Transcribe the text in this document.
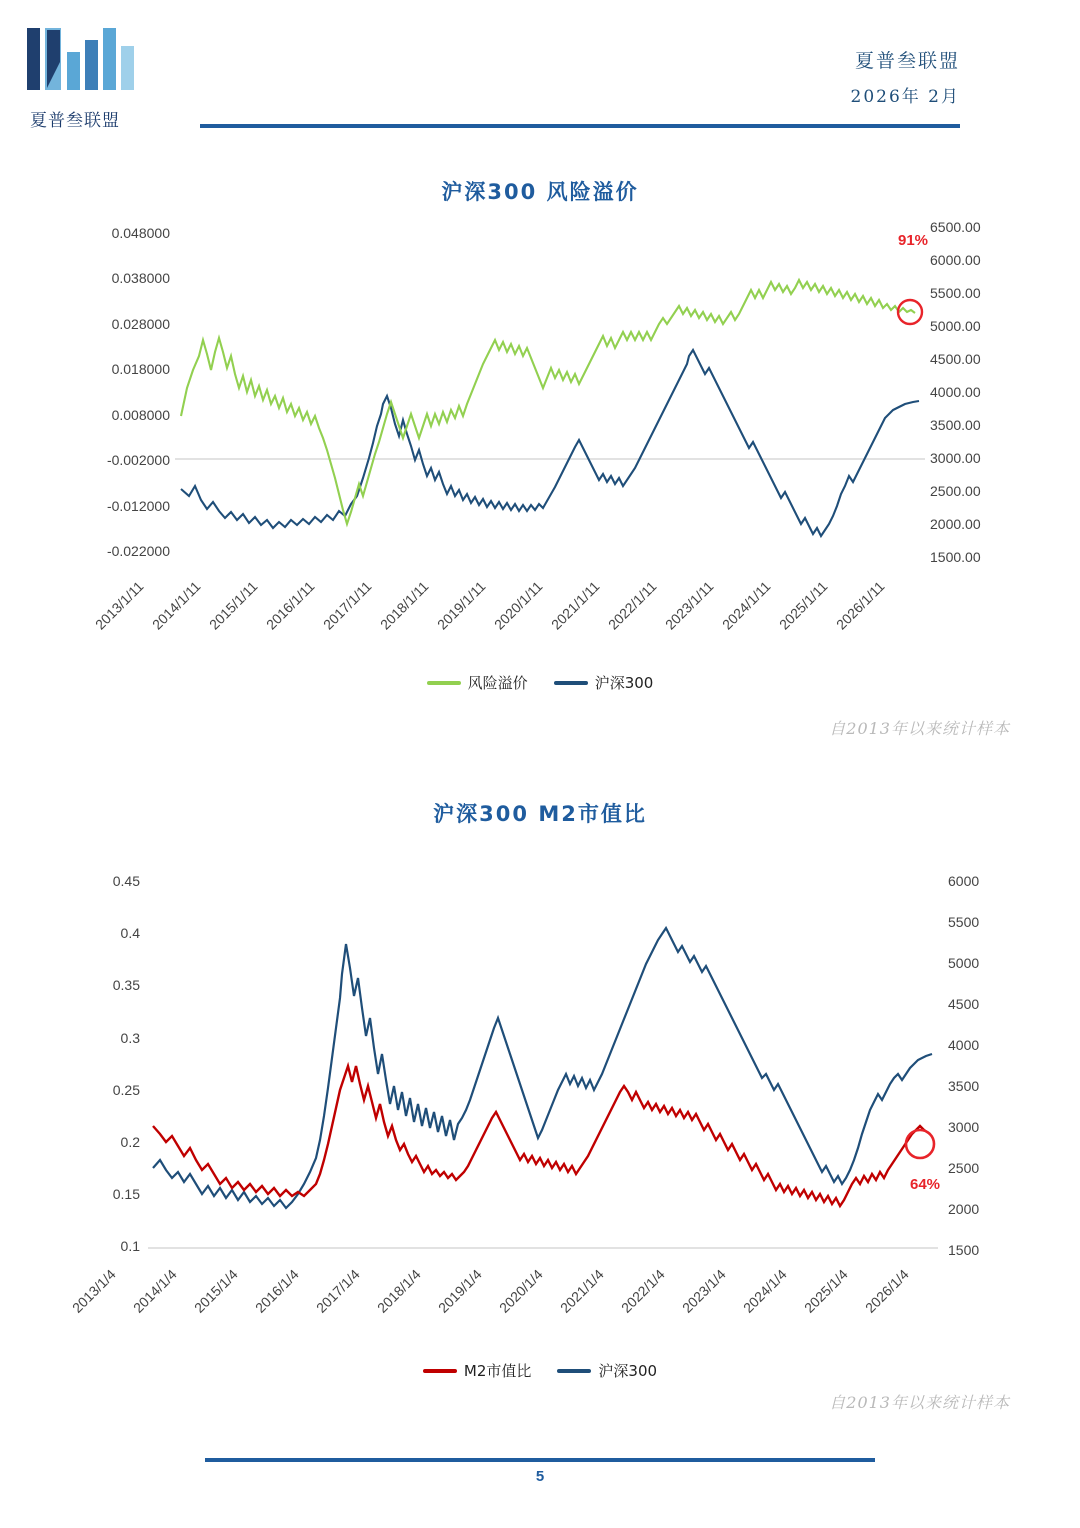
夏普叁联盟
夏普叁联盟
2026年 2月
沪深300 风险溢价
0.048000
0.038000
0.028000
0.018000
0.008000
-0.002000
-0.012000
-0.022000
6500.00
6000.00
5500.00
5000.00
4500.00
4000.00
3500.00
3000.00
2500.00
2000.00
1500.00
91%
2013/1/11 2014/1/11 2015/1/11 2016/1/11 2017/1/11 2018/1/11 2019/1/11 2020/1/11 2021/1/11 2022/1/11 2023/1/11 2024/1/11 2025/1/11 2026/1/11
风险溢价	沪深300
自2013年以来统计样本
沪深300 M2市值比
0.45
0.4
0.35
0.3
0.25
0.2
0.15
0.1
6000
5500
5000
4500
4000
3500
3000
2500
2000
1500
64%
2013/1/4 2014/1/4 2015/1/4 2016/1/4 2017/1/4 2018/1/4 2019/1/4 2020/1/4 2021/1/4 2022/1/4 2023/1/4 2024/1/4 2025/1/4 2026/1/4
M2市值比	沪深300
自2013年以来统计样本
5
